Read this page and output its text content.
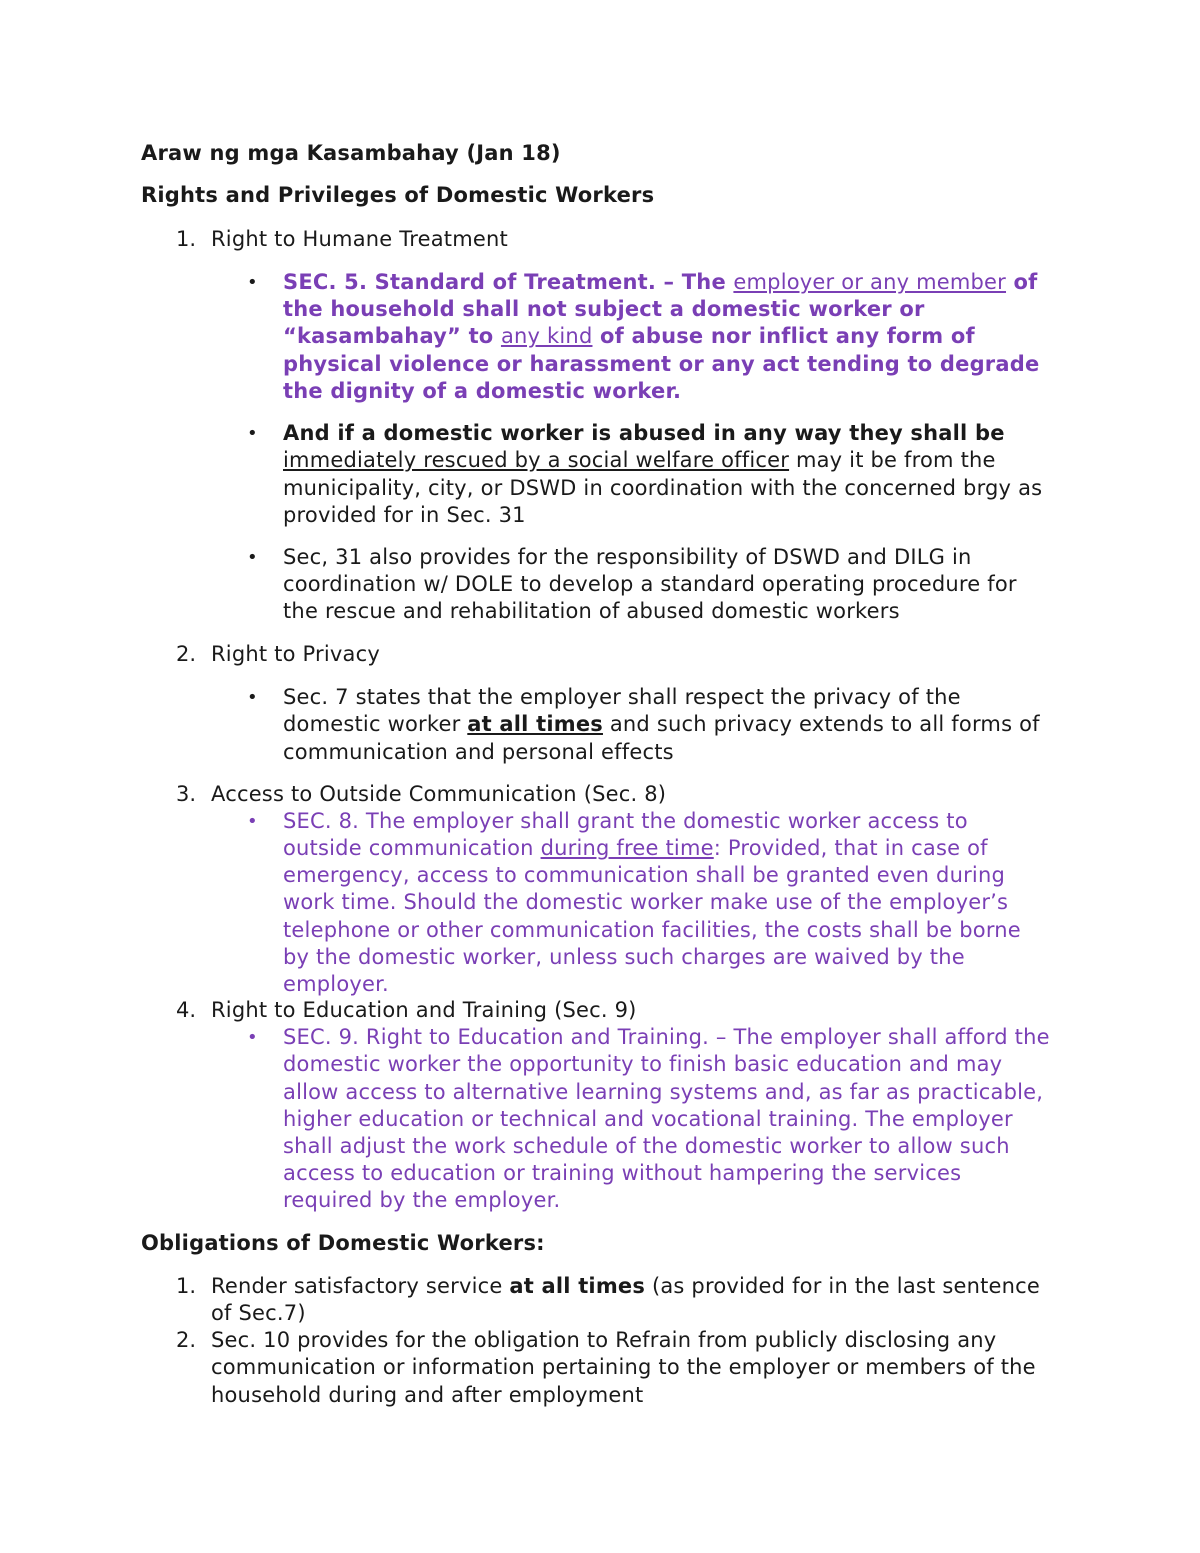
Araw ng mga Kasambahay (Jan 18)
Rights and Privileges of Domestic Workers
1. Right to Humane Treatment
• SEC. 5. Standard of Treatment. – The employer or any member of
the household shall not subject a domestic worker or
“kasambahay” to any kind of abuse nor inflict any form of
physical violence or harassment or any act tending to degrade
the dignity of a domestic worker.
• And if a domestic worker is abused in any way they shall be
immediately rescued by a social welfare officer may it be from the
municipality, city, or DSWD in coordination with the concerned brgy as
provided for in Sec. 31
• Sec, 31 also provides for the responsibility of DSWD and DILG in
coordination w/ DOLE to develop a standard operating procedure for
the rescue and rehabilitation of abused domestic workers
2. Right to Privacy
• Sec. 7 states that the employer shall respect the privacy of the
domestic worker at all times and such privacy extends to all forms of
communication and personal effects
3. Access to Outside Communication (Sec. 8)
• SEC. 8. The employer shall grant the domestic worker access to
outside communication during free time: Provided, that in case of
emergency, access to communication shall be granted even during
work time. Should the domestic worker make use of the employer’s
telephone or other communication facilities, the costs shall be borne
by the domestic worker, unless such charges are waived by the
employer.
4. Right to Education and Training (Sec. 9)
• SEC. 9. Right to Education and Training. – The employer shall afford the
domestic worker the opportunity to finish basic education and may
allow access to alternative learning systems and, as far as practicable,
higher education or technical and vocational training. The employer
shall adjust the work schedule of the domestic worker to allow such
access to education or training without hampering the services
required by the employer.
Obligations of Domestic Workers:
1. Render satisfactory service at all times (as provided for in the last sentence
of Sec.7)
2. Sec. 10 provides for the obligation to Refrain from publicly disclosing any
communication or information pertaining to the employer or members of the
household during and after employment
